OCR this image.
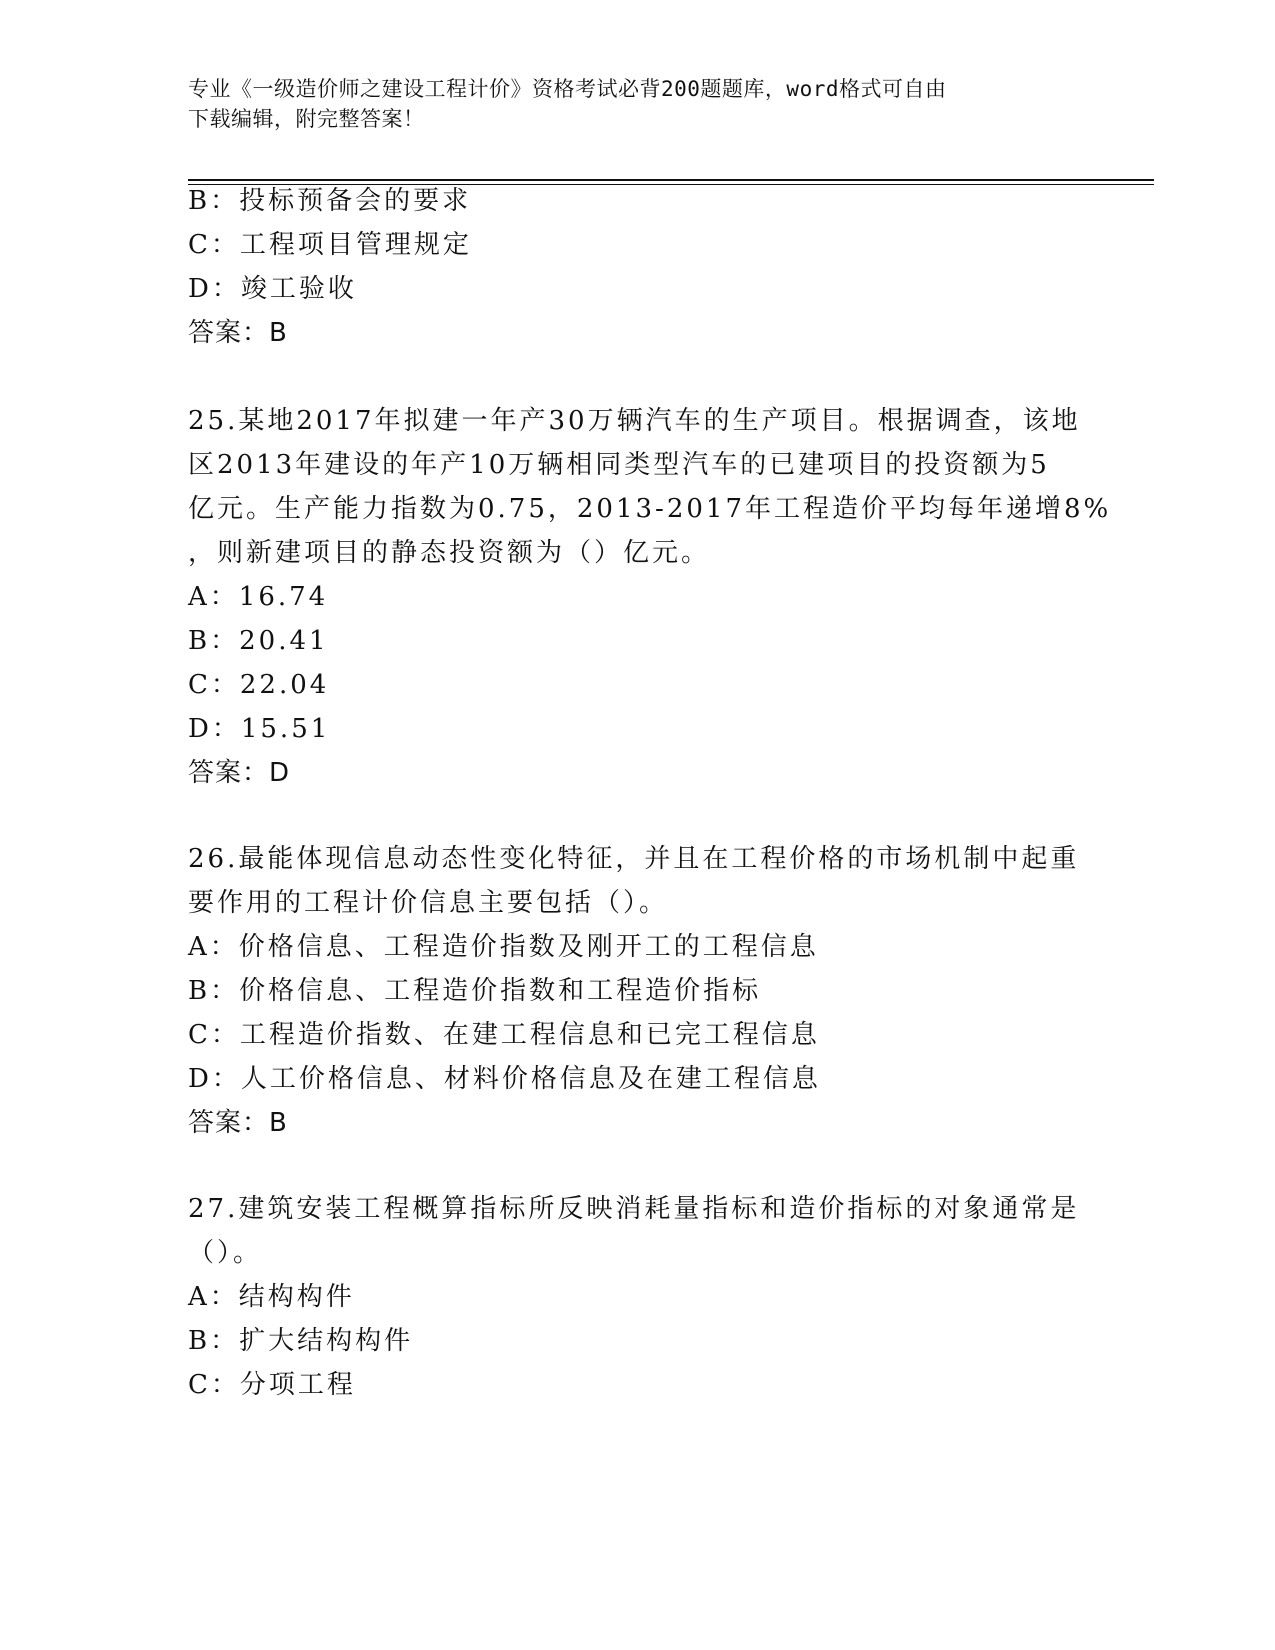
专业《一级造价师之建设工程计价》资格考试必背200题题库，word格式可自由
下载编辑，附完整答案！
B：投标预备会的要求
C：工程项目管理规定
D：竣工验收
答案：B
25.某地2017年拟建一年产30万辆汽车的生产项目。根据调查，该地
区2013年建设的年产10万辆相同类型汽车的已建项目的投资额为5
亿元。生产能力指数为0.75，2013-2017年工程造价平均每年递增8%
，则新建项目的静态投资额为（）亿元。
A：16.74
B：20.41
C：22.04
D：15.51
答案：D
26.最能体现信息动态性变化特征，并且在工程价格的市场机制中起重
要作用的工程计价信息主要包括（）。
A：价格信息、工程造价指数及刚开工的工程信息
B：价格信息、工程造价指数和工程造价指标
C：工程造价指数、在建工程信息和已完工程信息
D：人工价格信息、材料价格信息及在建工程信息
答案：B
27.建筑安装工程概算指标所反映消耗量指标和造价指标的对象通常是
（）。
A：结构构件
B：扩大结构构件
C：分项工程
